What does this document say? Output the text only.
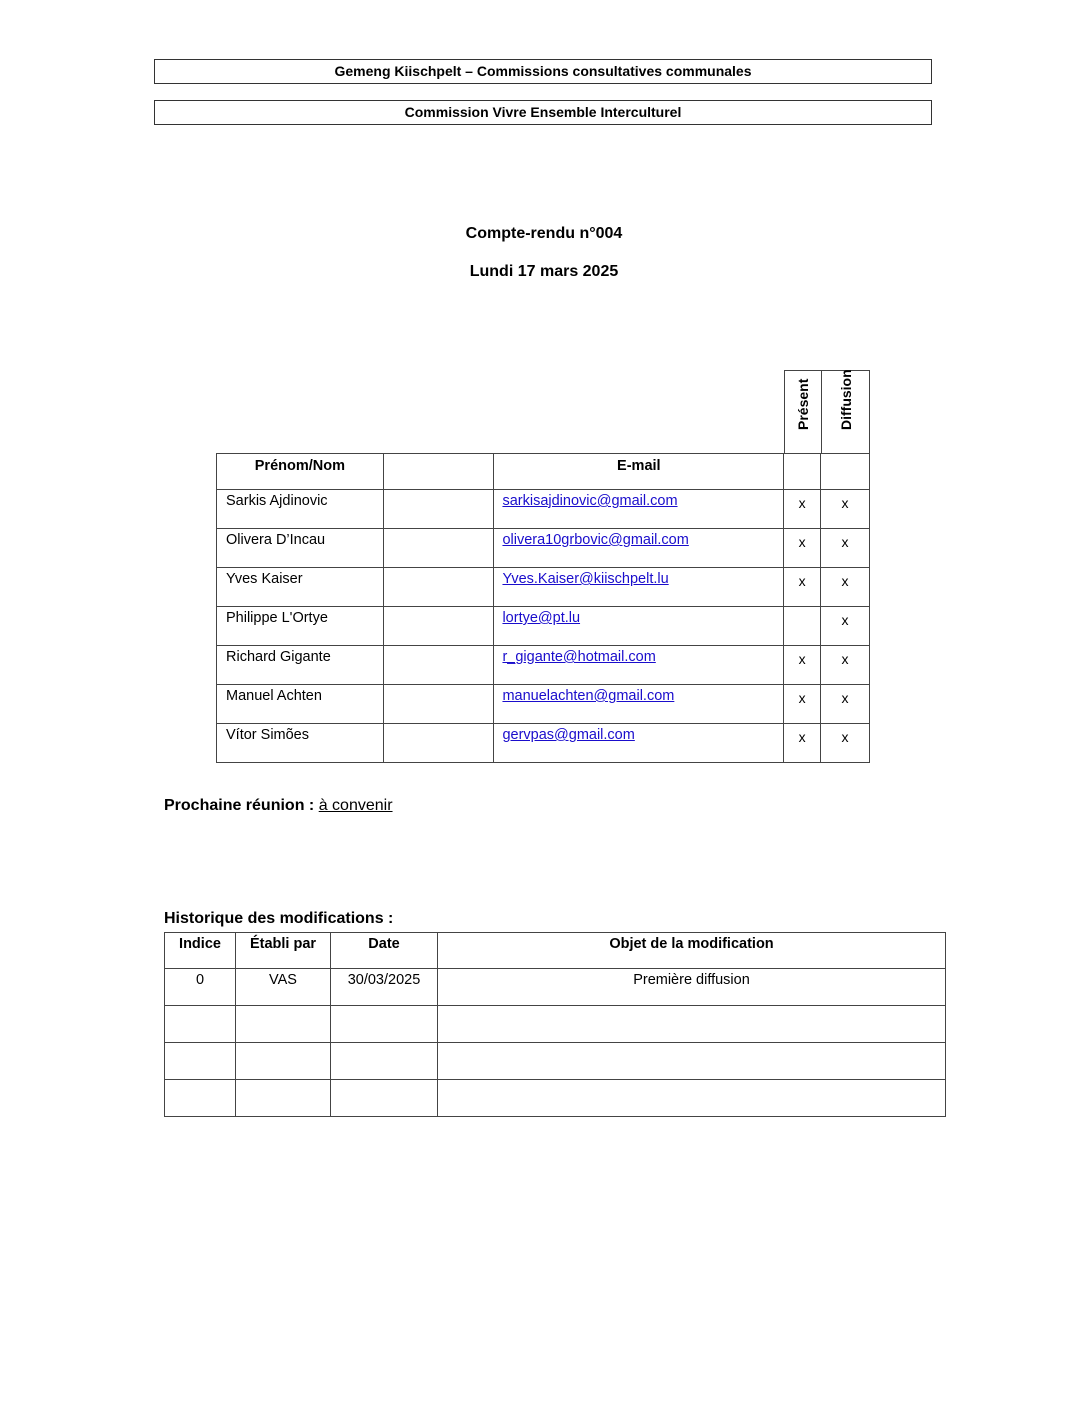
Gemeng Kiischpelt – Commissions consultatives communales
Commission Vivre Ensemble Interculturel
Compte-rendu n°004
Lundi 17 mars 2025
Présent Diffusion
Prénom/Nom		E-mail		
Sarkis Ajdinovic		sarkisajdinovic@gmail.com	x	x
Olivera D’Incau		olivera10grbovic@gmail.com	x	x
Yves Kaiser		Yves.Kaiser@kiischpelt.lu	x	x
Philippe L'Ortye		lortye@pt.lu		x
Richard Gigante		r_gigante@hotmail.com	x	x
Manuel Achten		manuelachten@gmail.com	x	x
Vítor Simões		gervpas@gmail.com	x	x
Prochaine réunion : à convenir
Historique des modifications :
Indice	Établi par	Date	Objet de la modification
0	VAS	30/03/2025	Première diffusion
